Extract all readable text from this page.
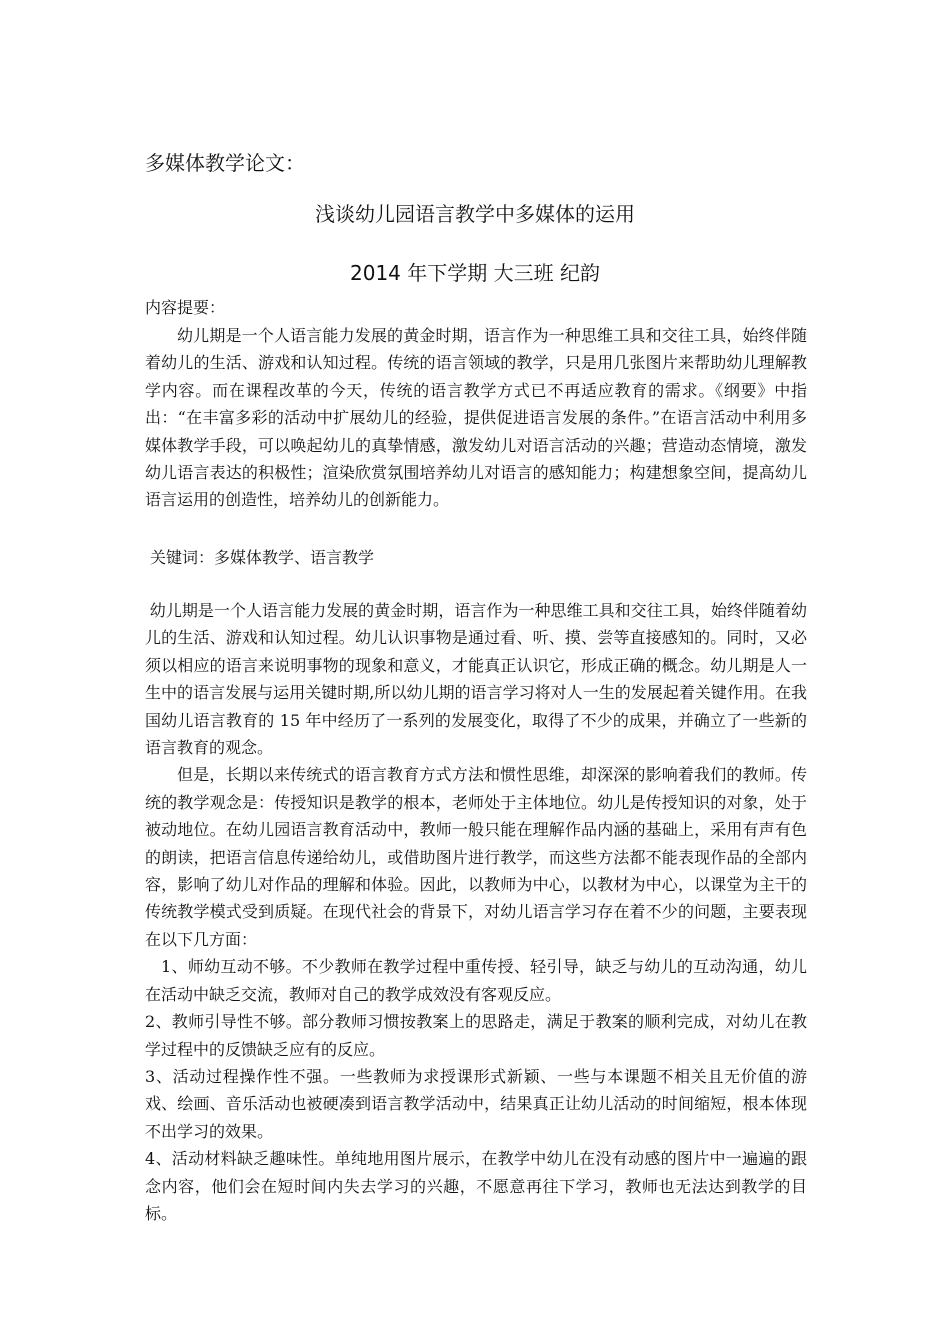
多媒体教学论文：
浅谈幼儿园语言教学中多媒体的运用
2014 年下学期 大三班 纪韵
内容提要：

幼儿期是一个人语言能力发展的黄金时期，语言作为一种思维工具和交往工具，始终伴随着幼儿的生活、游戏和认知过程。传统的语言领域的教学，只是用几张图片来帮助幼儿理解教学内容。而在课程改革的今天，传统的语言教学方式已不再适应教育的需求。《纲要》中指出：“在丰富多彩的活动中扩展幼儿的经验，提供促进语言发展的条件。”在语言活动中利用多媒体教学手段，可以唤起幼儿的真挚情感，激发幼儿对语言活动的兴趣；营造动态情境，激发幼儿语言表达的积极性；渲染欣赏氛围培养幼儿对语言的感知能力；构建想象空间，提高幼儿语言运用的创造性，培养幼儿的创新能力。

关键词：多媒体教学、语言教学

幼儿期是一个人语言能力发展的黄金时期，语言作为一种思维工具和交往工具，始终伴随着幼儿的生活、游戏和认知过程。幼儿认识事物是通过看、听、摸、尝等直接感知的。同时，又必须以相应的语言来说明事物的现象和意义，才能真正认识它，形成正确的概念。幼儿期是人一生中的语言发展与运用关键时期,所以幼儿期的语言学习将对人一生的发展起着关键作用。在我国幼儿语言教育的 15 年中经历了一系列的发展变化，取得了不少的成果，并确立了一些新的语言教育的观念。

但是，长期以来传统式的语言教育方式方法和惯性思维，却深深的影响着我们的教师。传统的教学观念是：传授知识是教学的根本，老师处于主体地位。幼儿是传授知识的对象，处于被动地位。在幼儿园语言教育活动中，教师一般只能在理解作品内涵的基础上，采用有声有色的朗读，把语言信息传递给幼儿，或借助图片进行教学，而这些方法都不能表现作品的全部内容，影响了幼儿对作品的理解和体验。因此，以教师为中心，以教材为中心，以课堂为主干的传统教学模式受到质疑。在现代社会的背景下，对幼儿语言学习存在着不少的问题，主要表现在以下几方面：

1、师幼互动不够。不少教师在教学过程中重传授、轻引导，缺乏与幼儿的互动沟通，幼儿在活动中缺乏交流，教师对自己的教学成效没有客观反应。

2、教师引导性不够。部分教师习惯按教案上的思路走，满足于教案的顺利完成，对幼儿在教学过程中的反馈缺乏应有的反应。

3、活动过程操作性不强。一些教师为求授课形式新颖、一些与本课题不相关且无价值的游戏、绘画、音乐活动也被硬凑到语言教学活动中，结果真正让幼儿活动的时间缩短，根本体现不出学习的效果。

4、活动材料缺乏趣味性。单纯地用图片展示，在教学中幼儿在没有动感的图片中一遍遍的跟念内容，他们会在短时间内失去学习的兴趣，不愿意再往下学习，教师也无法达到教学的目标。
